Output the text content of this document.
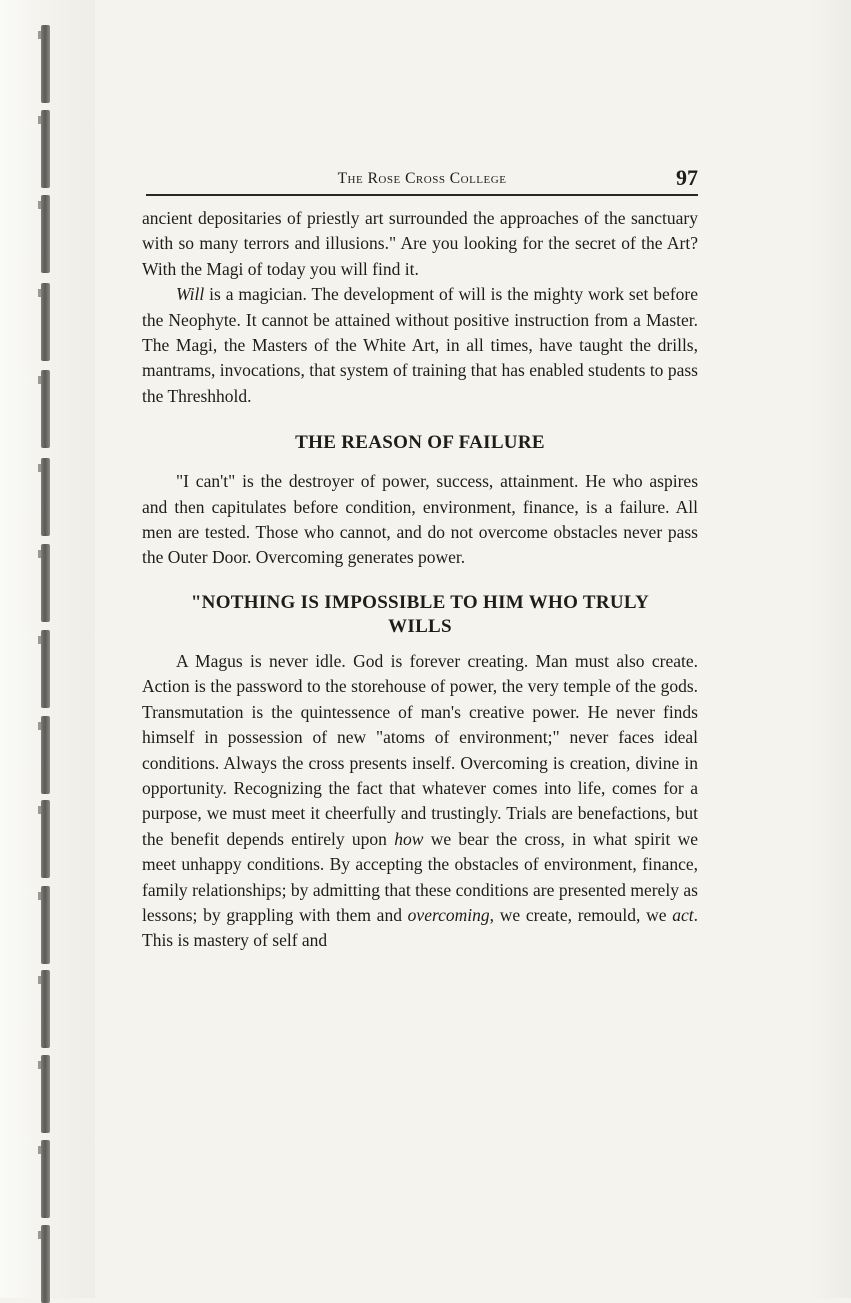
The Rose Cross College	97

ancient depositaries of priestly art surrounded the approaches of the sanctuary with so many terrors and illusions." Are you looking for the secret of the Art? With the Magi of today you will find it.

Will is a magician. The development of will is the mighty work set before the Neophyte. It cannot be attained without positive instruction from a Master. The Magi, the Masters of the White Art, in all times, have taught the drills, mantrams, invocations, that system of training that has enabled students to pass the Threshhold.

THE REASON OF FAILURE

"I can't" is the destroyer of power, success, attainment. He who aspires and then capitulates before condition, environment, finance, is a failure. All men are tested. Those who cannot, and do not overcome obstacles never pass the Outer Door. Overcoming generates power.

"NOTHING IS IMPOSSIBLE TO HIM WHO TRULY WILLS

A Magus is never idle. God is forever creating. Man must also create. Action is the password to the storehouse of power, the very temple of the gods. Transmutation is the quintessence of man's creative power. He never finds himself in possession of new "atoms of environment;" never faces ideal conditions. Always the cross presents inself. Overcoming is creation, divine in opportunity. Recognizing the fact that whatever comes into life, comes for a purpose, we must meet it cheerfully and trustingly. Trials are benefactions, but the benefit depends entirely upon how we bear the cross, in what spirit we meet unhappy conditions. By accepting the obstacles of environment, finance, family relationships; by admitting that these conditions are presented merely as lessons; by grappling with them and overcoming, we create, remould, we act. This is mastery of self and
